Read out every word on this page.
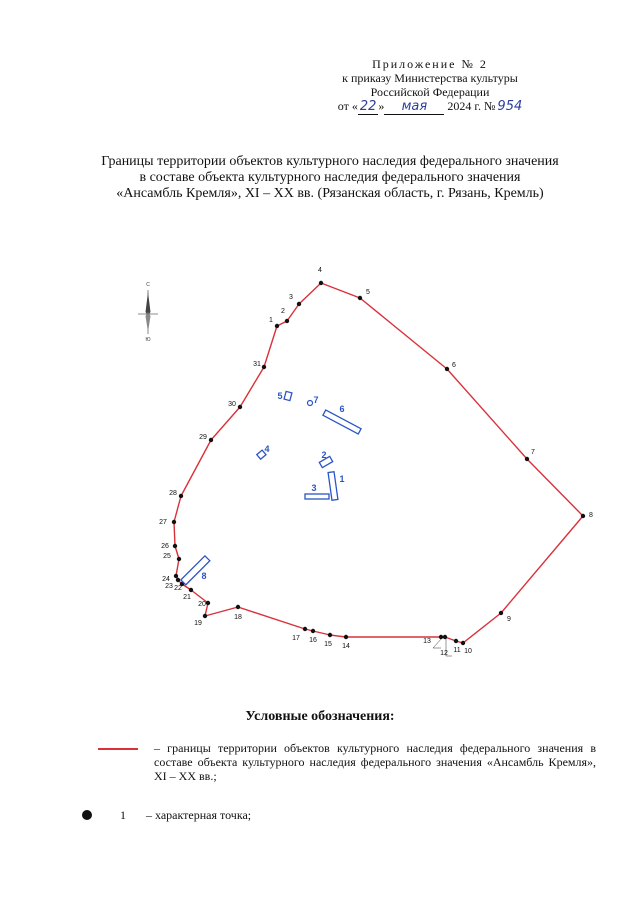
Приложение № 2
к приказу Министерства культуры
Российской Федерации
от « 22 »	мая	2024 г. № 954
Границы территории объектов культурного наследия федерального значения
в составе объекта культурного наследия федерального значения
«Ансамбль Кремля», XI – XX вв. (Рязанская область, г. Рязань, Кремль)
С
Ю
1
2
3
4
5
6
7
8
9
10
11
12
13
14
15
16
17
18
19
20
21
22
23
24
25
26
27
28
29
30
31
1
2
3
4
5
6
7
8
Условные обозначения:
– границы территории объектов культурного наследия федерального значения в составе объекта культурного наследия федерального значения «Ансамбль Кремля», XI – XX вв.;
1 – характерная точка;
